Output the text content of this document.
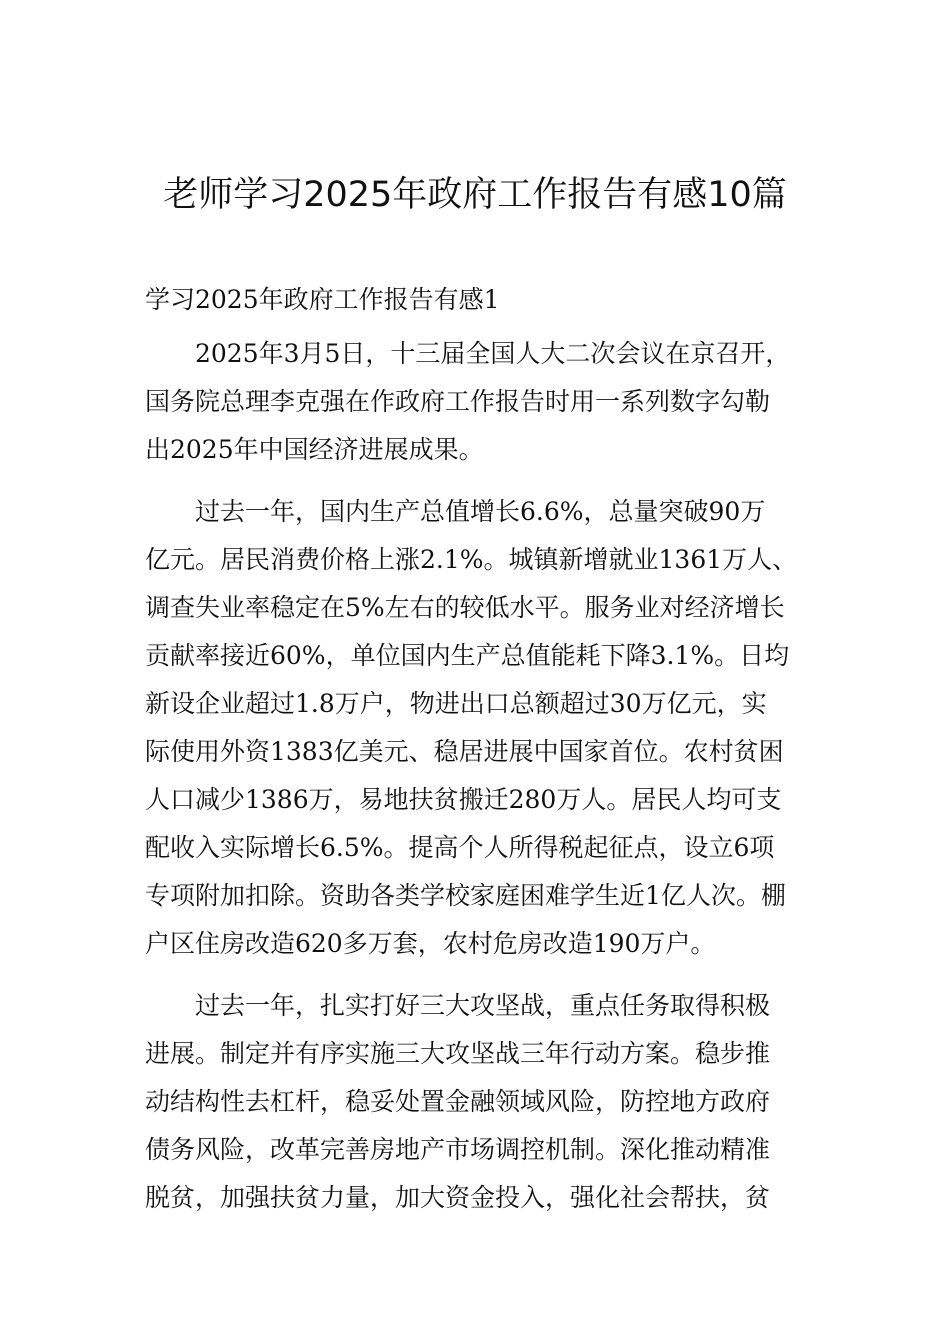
老师学习2025年政府工作报告有感10篇
学习2025年政府工作报告有感1
2025年3月5日，十三届全国人大二次会议在京召开，
国务院总理李克强在作政府工作报告时用一系列数字勾勒
出2025年中国经济进展成果。
过去一年，国内生产总值增长6.6%，总量突破90万
亿元。居民消费价格上涨2.1%。城镇新增就业1361万人、
调查失业率稳定在5%左右的较低水平。服务业对经济增长
贡献率接近60%，单位国内生产总值能耗下降3.1%。日均
新设企业超过1.8万户，物进出口总额超过30万亿元，实
际使用外资1383亿美元、稳居进展中国家首位。农村贫困
人口减少1386万，易地扶贫搬迁280万人。居民人均可支
配收入实际增长6.5%。提高个人所得税起征点，设立6项
专项附加扣除。资助各类学校家庭困难学生近1亿人次。棚
户区住房改造620多万套，农村危房改造190万户。
过去一年，扎实打好三大攻坚战，重点任务取得积极
进展。制定并有序实施三大攻坚战三年行动方案。稳步推
动结构性去杠杆，稳妥处置金融领域风险，防控地方政府
债务风险，改革完善房地产市场调控机制。深化推动精准
脱贫，加强扶贫力量，加大资金投入，强化社会帮扶，贫
